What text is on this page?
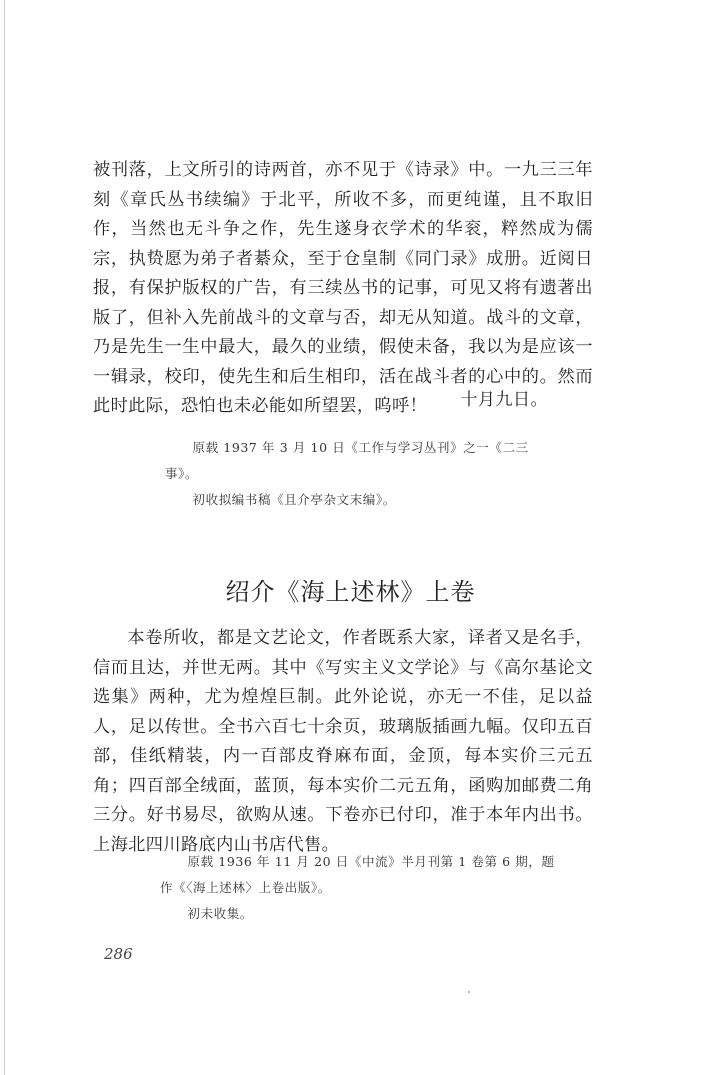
被刊落，上文所引的诗两首，亦不见于《诗录》中。一九三三年刻《章氏丛书续编》于北平，所收不多，而更纯谨，且不取旧作，当然也无斗争之作，先生遂身衣学术的华衮，粹然成为儒宗，执贽愿为弟子者綦众，至于仓皇制《同门录》成册。近阅日报，有保护版权的广告，有三续丛书的记事，可见又将有遗著出版了，但补入先前战斗的文章与否，却无从知道。战斗的文章，乃是先生一生中最大，最久的业绩，假使未备，我以为是应该一一辑录，校印，使先生和后生相印，活在战斗者的心中的。然而此时此际，恐怕也未必能如所望罢，呜呼！	十月九日。

原载 1937 年 3 月 10 日《工作与学习丛刊》之一《二三事》。

初收拟编书稿《且介亭杂文末编》。

绍介《海上述林》上卷

本卷所收，都是文艺论文，作者既系大家，译者又是名手，信而且达，并世无两。其中《写实主义文学论》与《高尔基论文选集》两种，尤为煌煌巨制。此外论说，亦无一不佳，足以益人，足以传世。全书六百七十余页，玻璃版插画九幅。仅印五百部，佳纸精装，内一百部皮脊麻布面，金顶，每本实价三元五角；四百部全绒面，蓝顶，每本实价二元五角，函购加邮费二角三分。好书易尽，欲购从速。下卷亦已付印，准于本年内出书。上海北四川路底内山书店代售。

原载 1936 年 11 月 20 日《中流》半月刊第 1 卷第 6 期，题作《〈海上述林〉上卷出版》。

初未收集。

286
